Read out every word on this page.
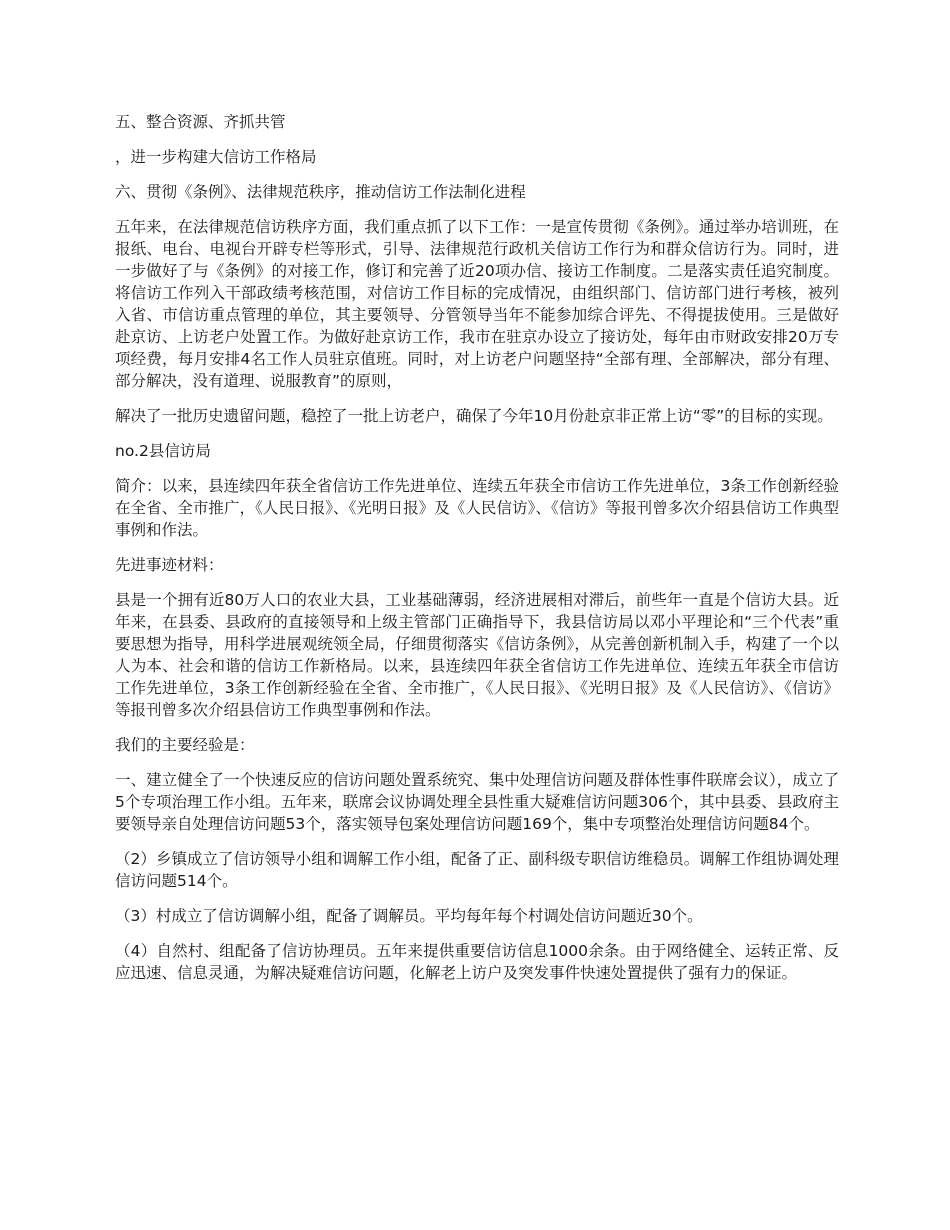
五、整合资源、齐抓共管

，进一步构建大信访工作格局

六、贯彻《条例》、法律规范秩序，推动信访工作法制化进程

五年来，在法律规范信访秩序方面，我们重点抓了以下工作：一是宣传贯彻《条例》。通过举办培训班，在报纸、电台、电视台开辟专栏等形式，引导、法律规范行政机关信访工作行为和群众信访行为。同时，进一步做好了与《条例》的对接工作，修订和完善了近20项办信、接访工作制度。二是落实责任追究制度。将信访工作列入干部政绩考核范围，对信访工作目标的完成情况，由组织部门、信访部门进行考核，被列入省、市信访重点管理的单位，其主要领导、分管领导当年不能参加综合评先、不得提拔使用。三是做好赴京访、上访老户处置工作。为做好赴京访工作，我市在驻京办设立了接访处，每年由市财政安排20万专项经费，每月安排4名工作人员驻京值班。同时，对上访老户问题坚持“全部有理、全部解决，部分有理、部分解决，没有道理、说服教育”的原则，

解决了一批历史遗留问题，稳控了一批上访老户，确保了今年10月份赴京非正常上访“零”的目标的实现。

no.2县信访局

简介：以来，县连续四年获全省信访工作先进单位、连续五年获全市信访工作先进单位，3条工作创新经验在全省、全市推广，《人民日报》、《光明日报》及《人民信访》、《信访》等报刊曾多次介绍县信访工作典型事例和作法。

先进事迹材料：

县是一个拥有近80万人口的农业大县，工业基础薄弱，经济进展相对滞后，前些年一直是个信访大县。近年来，在县委、县政府的直接领导和上级主管部门正确指导下，我县信访局以邓小平理论和“三个代表”重要思想为指导，用科学进展观统领全局，仔细贯彻落实《信访条例》，从完善创新机制入手，构建了一个以人为本、社会和谐的信访工作新格局。以来，县连续四年获全省信访工作先进单位、连续五年获全市信访工作先进单位，3条工作创新经验在全省、全市推广，《人民日报》、《光明日报》及《人民信访》、《信访》等报刊曾多次介绍县信访工作典型事例和作法。

我们的主要经验是：

一、建立健全了一个快速反应的信访问题处置系统究、集中处理信访问题及群体性事件联席会议），成立了5个专项治理工作小组。五年来，联席会议协调处理全县性重大疑难信访问题306个，其中县委、县政府主要领导亲自处理信访问题53个，落实领导包案处理信访问题169个，集中专项整治处理信访问题84个。

（2）乡镇成立了信访领导小组和调解工作小组，配备了正、副科级专职信访维稳员。调解工作组协调处理信访问题514个。

（3）村成立了信访调解小组，配备了调解员。平均每年每个村调处信访问题近30个。

（4）自然村、组配备了信访协理员。五年来提供重要信访信息1000余条。由于网络健全、运转正常、反应迅速、信息灵通，为解决疑难信访问题，化解老上访户及突发事件快速处置提供了强有力的保证。
